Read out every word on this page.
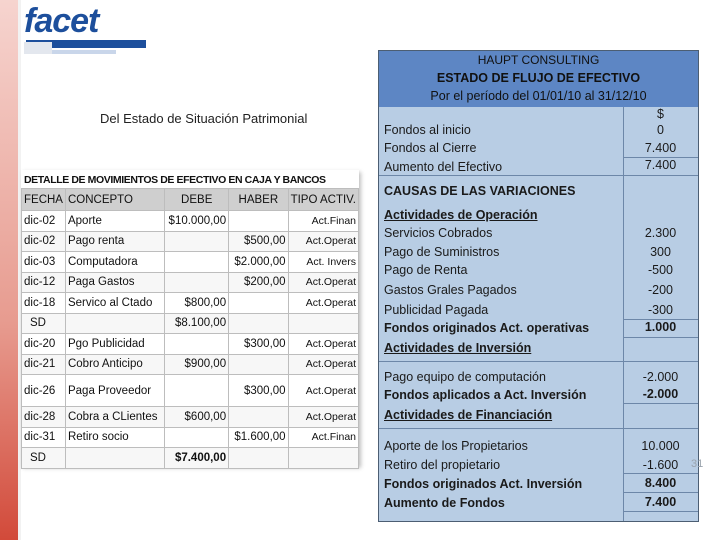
facet
Del Estado de Situación Patrimonial
DETALLE DE MOVIMIENTOS DE EFECTIVO EN CAJA Y BANCOS
FECHA	CONCEPTO	DEBE	HABER	TIPO ACTIV.
dic-02	Aporte	$10.000,00		Act.Finan
dic-02	Pago renta		$500,00	Act.Operat
dic-03	Computadora		$2.000,00	Act. Invers
dic-12	Paga Gastos		$200,00	Act.Operat
dic-18	Servico al Ctado	$800,00		Act.Operat
SD		$8.100,00		
dic-20	Pgo Publicidad		$300,00	Act.Operat
dic-21	Cobro Anticipo	$900,00		Act.Operat
dic-26	Paga Proveedor		$300,00	Act.Operat
dic-28	Cobra a CLientes	$600,00		Act.Operat
dic-31	Retiro socio		$1.600,00	Act.Finan
SD		$7.400,00		
HAUPT CONSULTING
ESTADO DE FLUJO DE EFECTIVO
Por el período del 01/01/10 al 31/12/10
$
Fondos al inicio	0
Fondos al Cierre	7.400
Aumento del Efectivo	7.400
CAUSAS DE LAS VARIACIONES
Actividades de Operación
Servicios Cobrados	2.300
Pago de Suministros	300
Pago de Renta	-500
Gastos Grales Pagados	-200
Publicidad Pagada	-300
Fondos originados Act. operativas	1.000
Actividades de Inversión
Pago equipo de computación	-2.000
Fondos aplicados a Act. Inversión	-2.000
Actividades de Financiación
Aporte de los Propietarios	10.000
Retiro del propietario	-1.600
Fondos originados Act. Inversión	8.400
Aumento de Fondos	7.400
31
